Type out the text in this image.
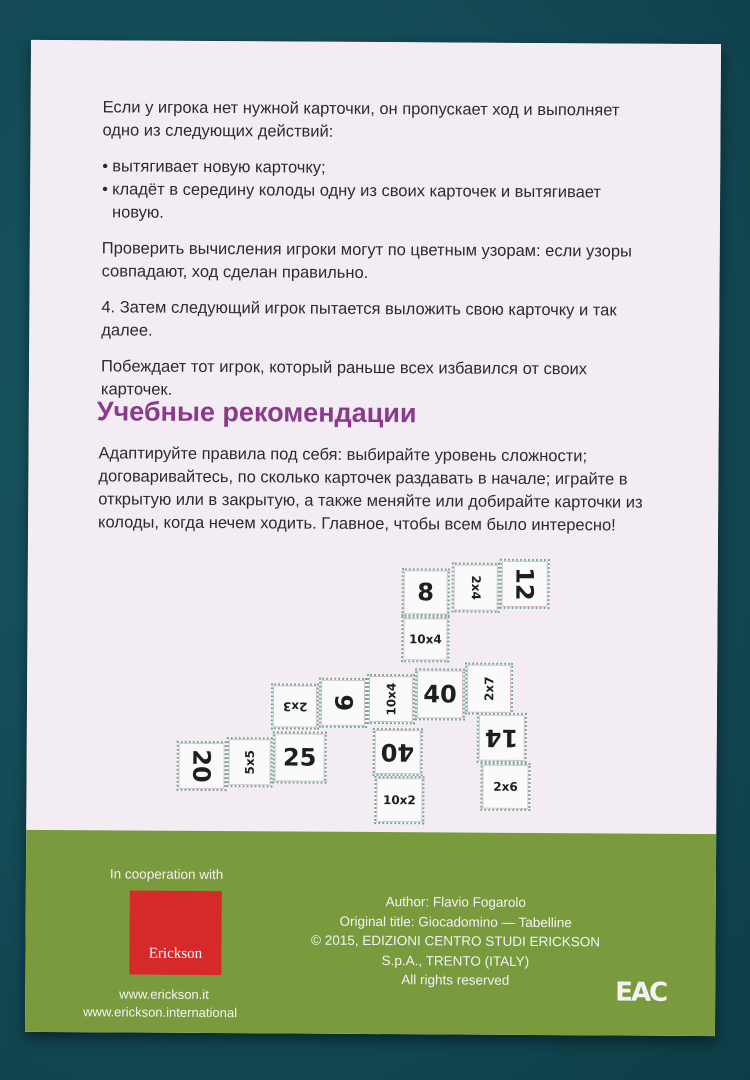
Если у игрока нет нужной карточки, он пропускает ход и выполняет одно из следующих действий:

• вытягивает новую карточку;
• кладёт в середину колоды одну из своих карточек и вытягивает новую.

Проверить вычисления игроки могут по цветным узорам: если узоры совпадают, ход сделан правильно.

4. Затем следующий игрок пытается выложить свою карточку и так далее.

Побеждает тот игрок, который раньше всех избавился от своих карточек.

Учебные рекомендации

Адаптируйте правила под себя: выбирайте уровень сложности; договаривайтесь, по сколько карточек раздавать в начале; играйте в открытую или в закрытую, а также меняйте или добирайте карточки из колоды, когда нечем ходить. Главное, чтобы всем было интересно!

8
10x4
2x4 12
2x3 9 10x4 40 2x7
20 5x5 25	40
10x2
14
2x6
In cooperation with
Erickson
www.erickson.it
www.erickson.international
Author: Flavio Fogarolo
Original title: Giocadomino — Tabelline
© 2015, EDIZIONI CENTRO STUDI ERICKSON
S.p.A., TRENTO (ITALY)
All rights reserved	EAC
